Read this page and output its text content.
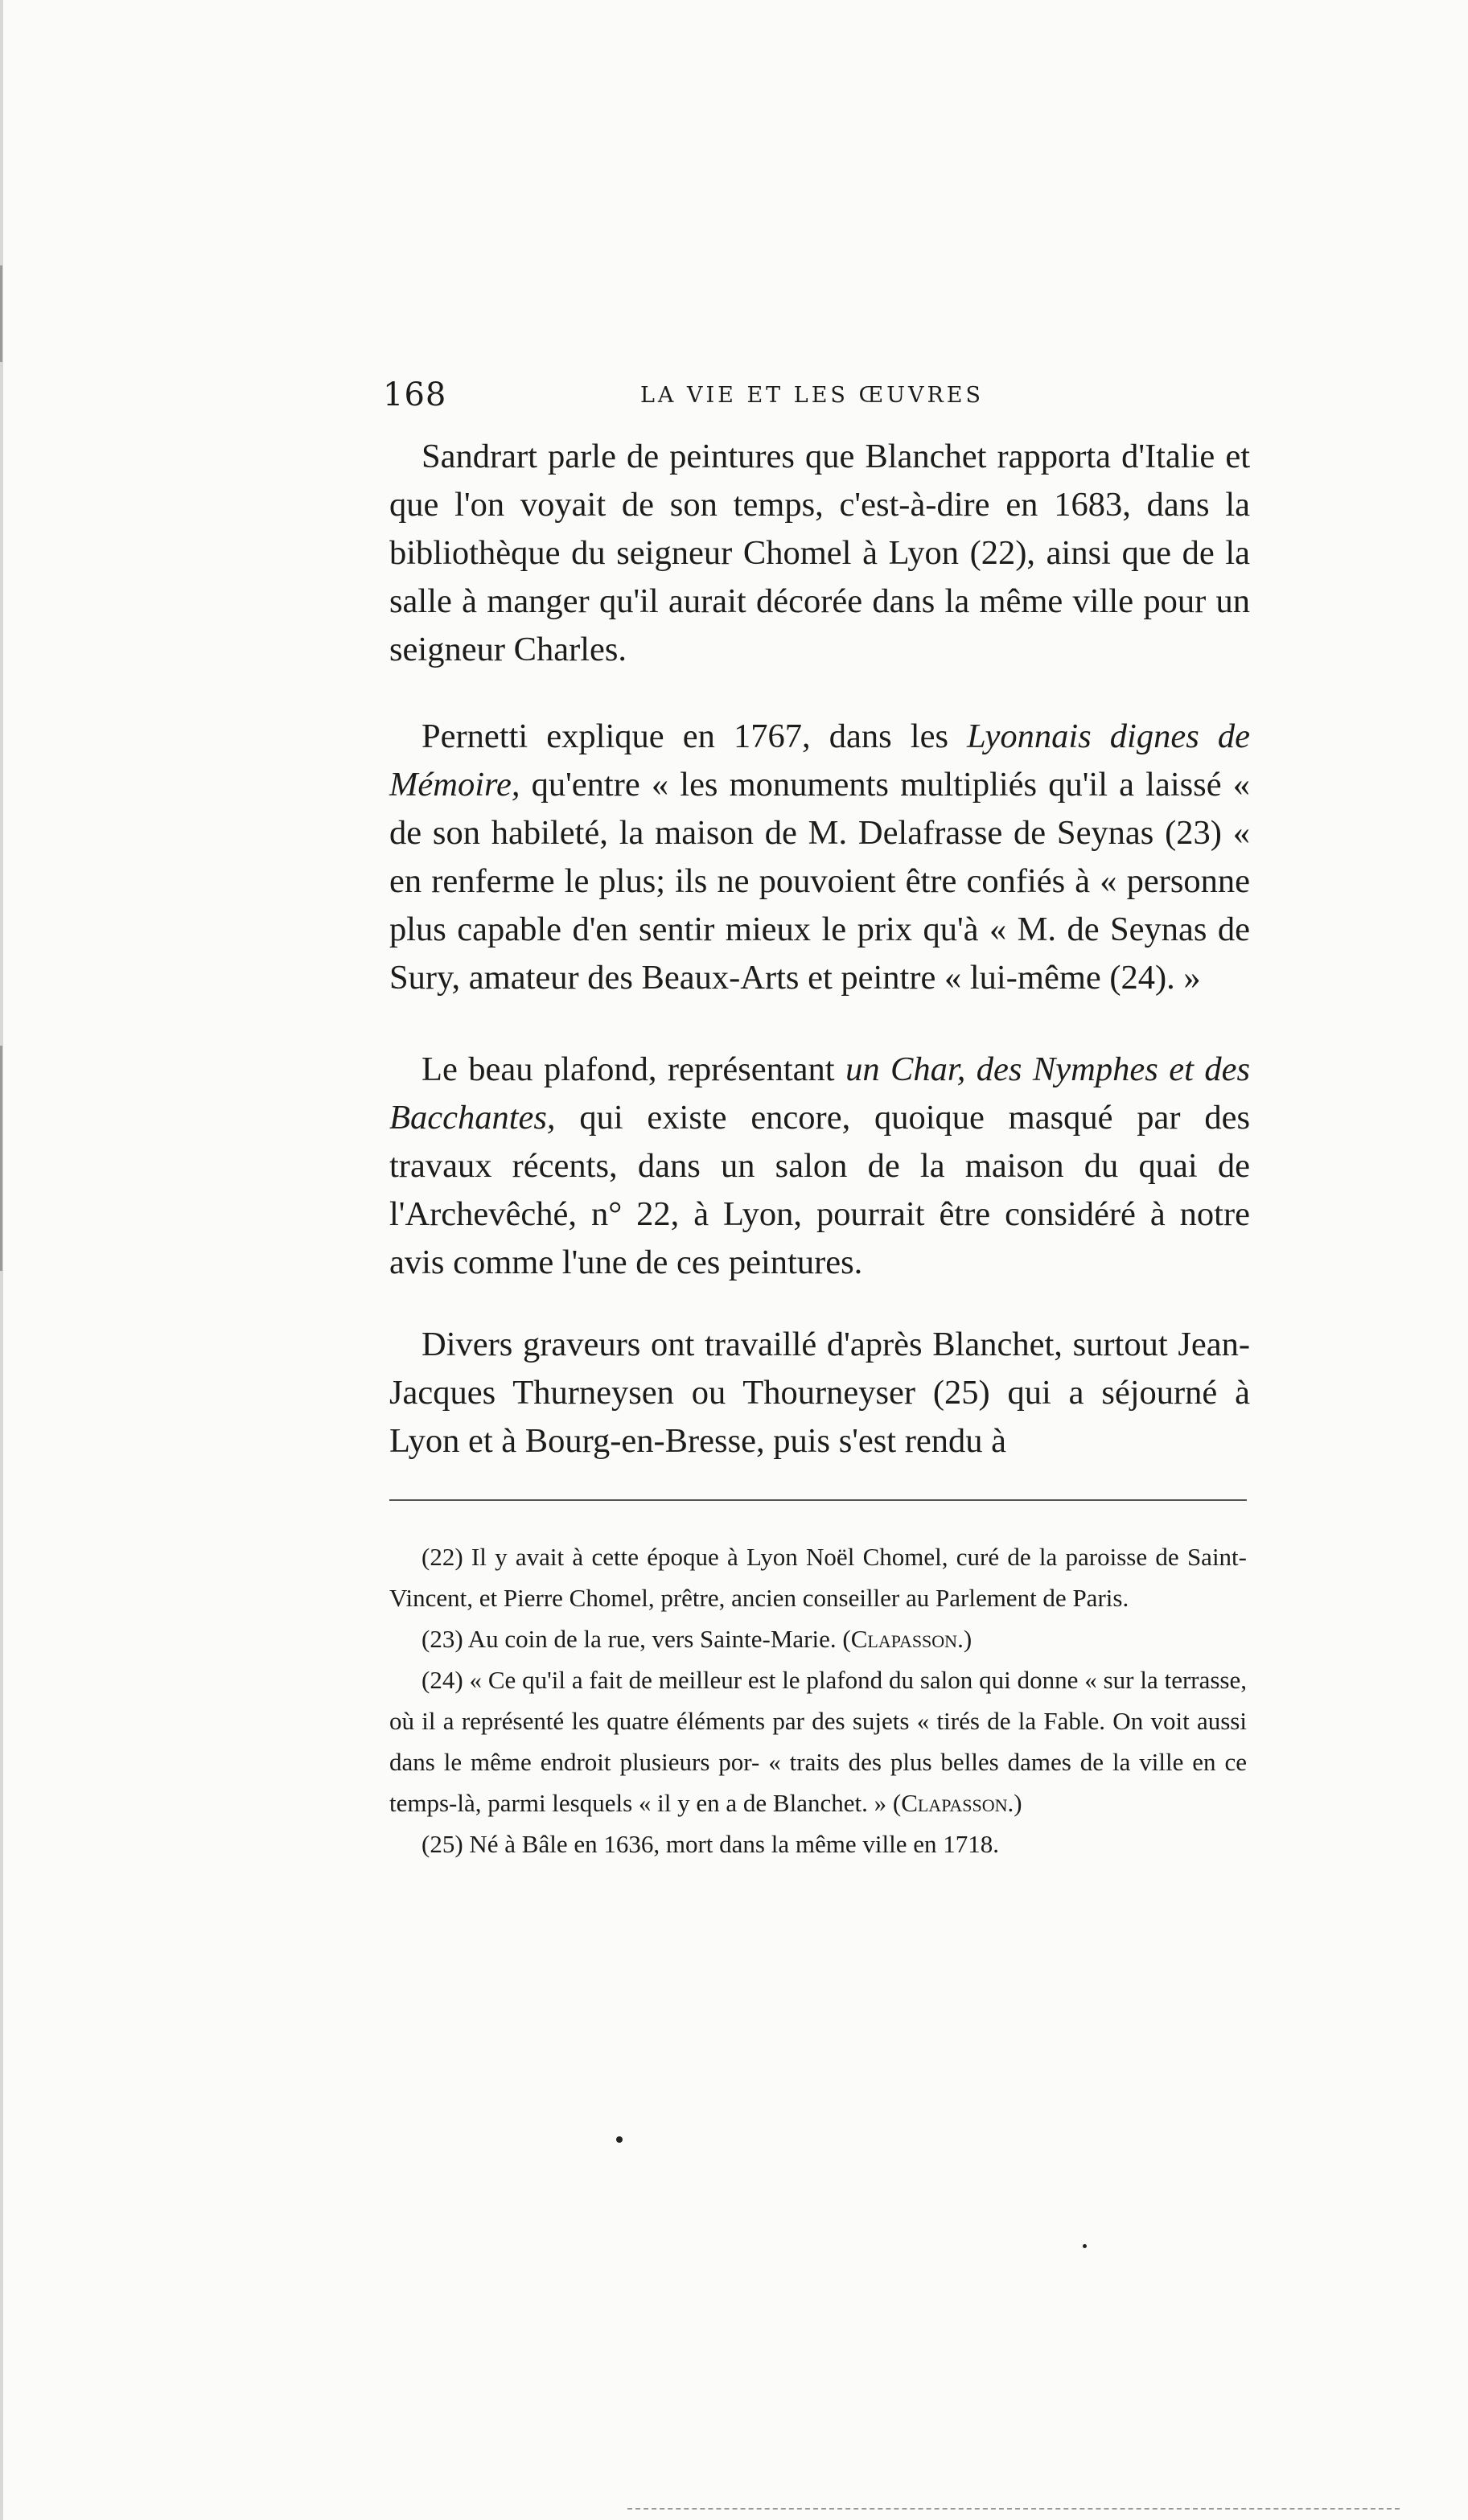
168	LA VIE ET LES ŒUVRES

Sandrart parle de peintures que Blanchet rapporta d'Italie et que l'on voyait de son temps, c'est-à-dire en 1683, dans la bibliothèque du seigneur Chomel à Lyon (22), ainsi que de la salle à manger qu'il aurait décorée dans la même ville pour un seigneur Charles.

Pernetti explique en 1767, dans les Lyonnais dignes de Mémoire, qu'entre « les monuments multipliés qu'il a laissé « de son habileté, la maison de M. Delafrasse de Seynas (23) « en renferme le plus; ils ne pouvoient être confiés à « personne plus capable d'en sentir mieux le prix qu'à « M. de Seynas de Sury, amateur des Beaux-Arts et peintre « lui-même (24). »

Le beau plafond, représentant un Char, des Nymphes et des Bacchantes, qui existe encore, quoique masqué par des travaux récents, dans un salon de la maison du quai de l'Archevêché, n° 22, à Lyon, pourrait être considéré à notre avis comme l'une de ces peintures.

Divers graveurs ont travaillé d'après Blanchet, surtout Jean-Jacques Thurneysen ou Thourneyser (25) qui a séjourné à Lyon et à Bourg-en-Bresse, puis s'est rendu à

(22) Il y avait à cette époque à Lyon Noël Chomel, curé de la paroisse de Saint-Vincent, et Pierre Chomel, prêtre, ancien conseiller au Parlement de Paris.

(23) Au coin de la rue, vers Sainte-Marie. (Clapasson.)

(24) « Ce qu'il a fait de meilleur est le plafond du salon qui donne « sur la terrasse, où il a représenté les quatre éléments par des sujets « tirés de la Fable. On voit aussi dans le même endroit plusieurs por- « traits des plus belles dames de la ville en ce temps-là, parmi lesquels « il y en a de Blanchet. » (Clapasson.)

(25) Né à Bâle en 1636, mort dans la même ville en 1718.
